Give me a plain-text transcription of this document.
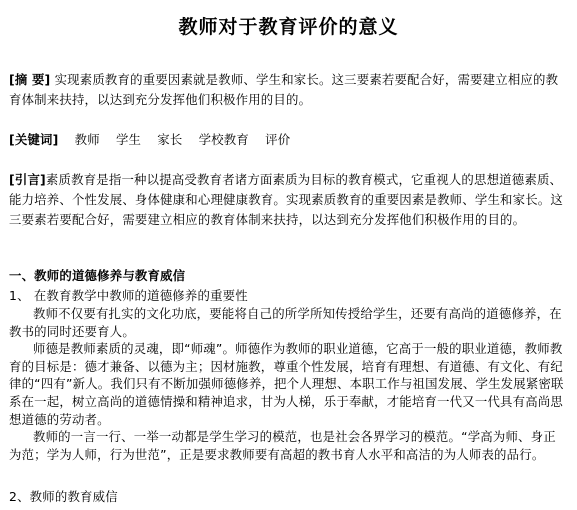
教师对于教育评价的意义
[摘 要] 实现素质教育的重要因素就是教师、学生和家长。这三要素若要配合好，需要建立相应的教育体制来扶持，以达到充分发挥他们积极作用的目的。
[关键词] 教师 学生 家长 学校教育 评价
[引言]素质教育是指一种以提高受教育者诸方面素质为目标的教育模式，它重视人的思想道德素质、能力培养、个性发展、身体健康和心理健康教育。实现素质教育的重要因素是教师、学生和家长。这三要素若要配合好，需要建立相应的教育体制来扶持，以达到充分发挥他们积极作用的目的。
一、教师的道德修养与教育威信
1、 在教育教学中教师的道德修养的重要性

教师不仅要有扎实的文化功底，要能将自己的所学所知传授给学生，还要有高尚的道德修养，在教书的同时还要育人。

师德是教师素质的灵魂，即“师魂”。师德作为教师的职业道德，它高于一般的职业道德，教师教育的目标是：德才兼备、以德为主；因材施教，尊重个性发展，培育有理想、有道德、有文化、有纪律的“四有”新人。我们只有不断加强师德修养，把个人理想、本职工作与祖国发展、学生发展紧密联系在一起，树立高尚的道德情操和精神追求，甘为人梯，乐于奉献，才能培育一代又一代具有高尚思想道德的劳动者。

教师的一言一行、一举一动都是学生学习的模范，也是社会各界学习的模范。“学高为师、身正为范；学为人师，行为世范”，正是要求教师要有高超的教书育人水平和高洁的为人师表的品行。

2、教师的教育威信
